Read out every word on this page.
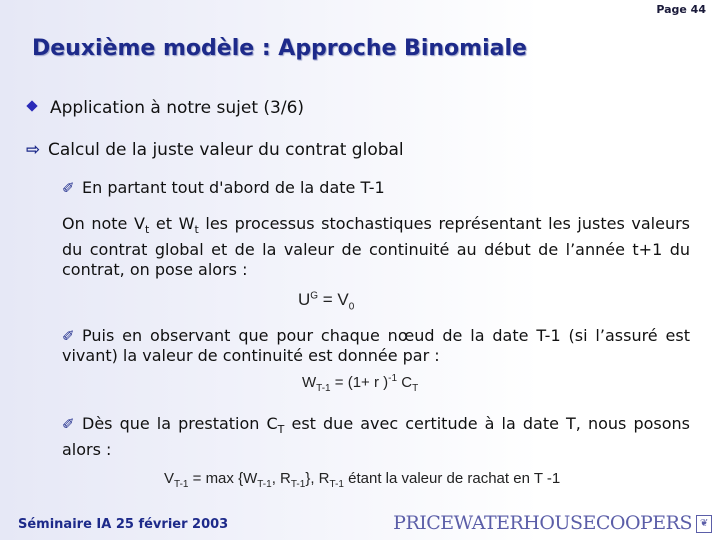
Page 44
Deuxième modèle : Approche Binomiale
Application à notre sujet (3/6)
⇨ Calcul de la juste valeur du contrat global
✐ En partant tout d'abord de la date T-1
On note $V_t$ et $W_t$ les processus stochastiques représentant les justes valeurs du contrat global et de la valeur de continuité au début de l’année t+1 du contrat, on pose alors :
$U^G = V_0$
✐ Puis en observant que pour chaque nœud de la date T-1 (si l’assuré est vivant) la valeur de continuité est donnée par :
$W_{T-1} = (1+ r$ )$^{-1}$ $C_T$
✐ Dès que la prestation $C_T$ est due avec certitude à la date T, nous posons alors :
$V_{T-1} = \max \{W_{T-1}$, $R_{T-1}$}, $R_{T-1}$ étant la valeur de rachat en T -1
Séminaire IA 25 février 2003	PRICEWATERHOUSECOOPERS ❦
